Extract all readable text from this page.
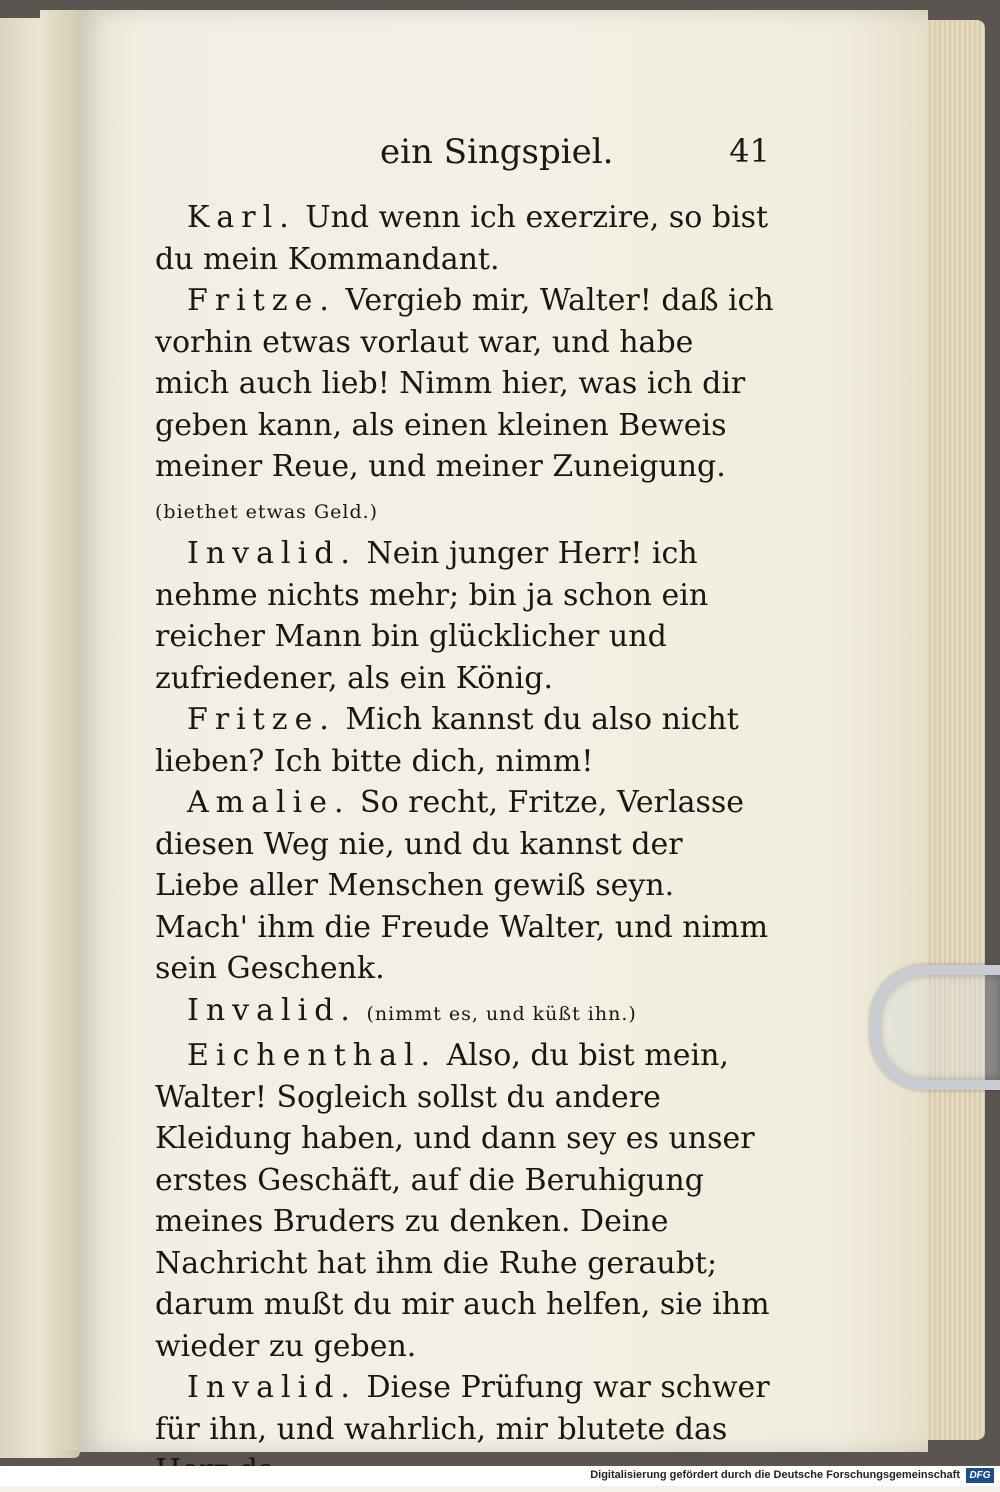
ein Singspiel.	41

Karl. Und wenn ich exerzire, so bist du mein Kommandant.

Fritze. Vergieb mir, Walter! daß ich vorhin etwas vorlaut war, und habe mich auch lieb! Nimm hier, was ich dir geben kann, als einen kleinen Beweis meiner Reue, und meiner Zuneigung. (biethet etwas Geld.)

Invalid. Nein junger Herr! ich nehme nichts mehr; bin ja schon ein reicher Mann bin glücklicher und zufriedener, als ein König.

Fritze. Mich kannst du also nicht lieben? Ich bitte dich, nimm!

Amalie. So recht, Fritze, Verlasse diesen Weg nie, und du kannst der Liebe aller Menschen gewiß seyn. Mach' ihm die Freude Walter, und nimm sein Geschenk.

Invalid. (nimmt es, und küßt ihn.)

Eichenthal. Also, du bist mein, Walter! Sogleich sollst du andere Kleidung haben, und dann sey es unser erstes Geschäft, auf die Beruhigung meines Bruders zu denken. Deine Nachricht hat ihm die Ruhe geraubt; darum mußt du mir auch helfen, sie ihm wieder zu geben.

Invalid. Diese Prüfung war schwer für ihn, und wahrlich, mir blutete das

Digitalisierung gefördert durch die Deutsche Forschungsgemeinschaft DFG
